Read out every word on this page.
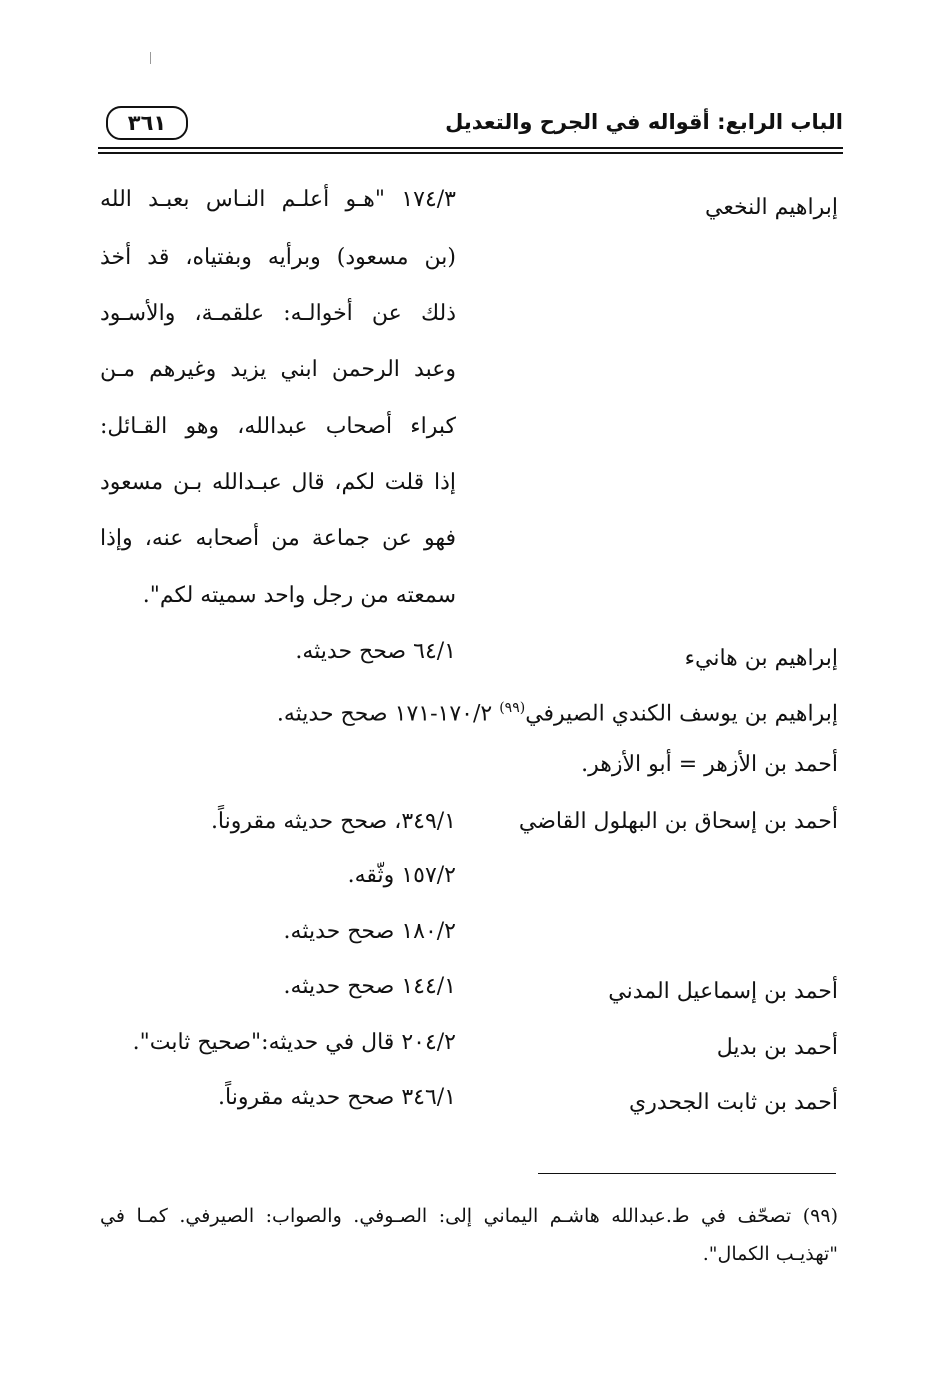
الباب الرابع: أقواله في الجرح والتعديل
٣٦١
إبراهيم النخعي
١٧٤/٣ "هـو أعلـم النـاس بعبـد الله
(بن مسعود) وبرأيه وبفتياه، قد أخذ
ذلك عن أخوالـه: علقمـة، والأسـود
وعبد الرحمن ابني يزيد وغيرهم مـن
كبراء أصحاب عبدالله، وهو القـائل:
إذا قلت لكم، قال عبـدالله بـن مسعود
فهو عن جماعة من أصحابه عنه، وإذا
سمعته من رجل واحد سميته لكم".
إبراهيم بن هانيء
٦٤/١ صحح حديثه.
إبراهيم بن يوسف الكندي الصيرفي$^{(٩٩)}$ ١٧٠/٢-١٧١ صحح حديثه.
أحمد بن الأزهر = أبو الأزهر.
أحمد بن إسحاق بن البهلول القاضي
٣٤٩/١، صحح حديثه مقروناً.
١٥٧/٢ وثّقه.
١٨٠/٢ صحح حديثه.
أحمد بن إسماعيل المدني
١٤٤/١ صحح حديثه.
أحمد بن بديل
٢٠٤/٢ قال في حديثه:"صحيح ثابت".
أحمد بن ثابت الجحدري
٣٤٦/١ صحح حديثه مقروناً.
(٩٩) تصحّف في ط.عبدالله هاشـم اليماني إلى: الصـوفي. والصواب: الصيرفي. كمـا في "تهذيـب الكمال".
